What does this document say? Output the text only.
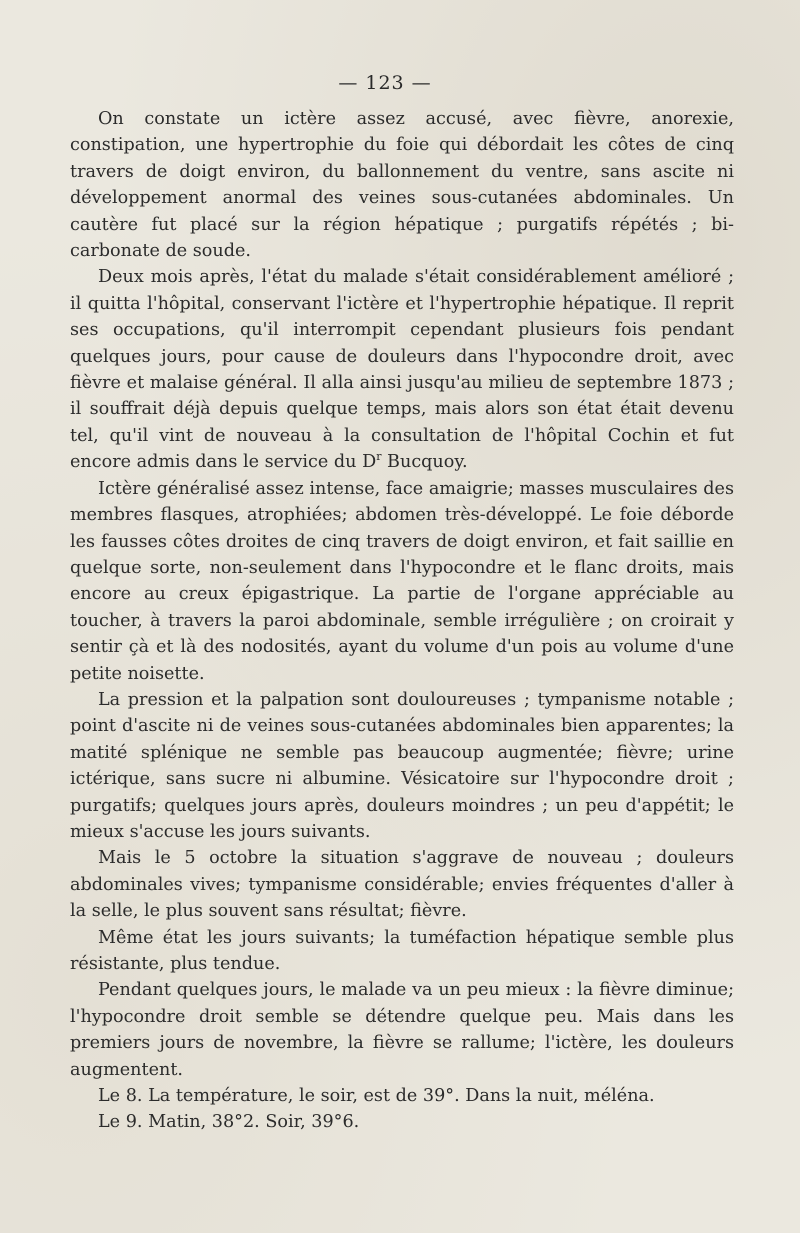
— 123 —

On constate un ictère assez accusé, avec fièvre, anorexie, constipation, une hypertrophie du foie qui débordait les côtes de cinq travers de doigt environ, du ballonnement du ventre, sans ascite ni développement anormal des veines sous-cutanées abdominales. Un cautère fut placé sur la région hépatique ; purgatifs répétés ; bi-carbonate de soude.

Deux mois après, l'état du malade s'était considérablement amélioré ; il quitta l'hôpital, conservant l'ictère et l'hypertrophie hépatique. Il reprit ses occupations, qu'il interrompit cependant plusieurs fois pendant quelques jours, pour cause de douleurs dans l'hypocondre droit, avec fièvre et malaise général. Il alla ainsi jusqu'au milieu de septembre 1873 ; il souffrait déjà depuis quelque temps, mais alors son état était devenu tel, qu'il vint de nouveau à la consultation de l'hôpital Cochin et fut encore admis dans le service du $D^r$ Bucquoy.

Ictère généralisé assez intense, face amaigrie; masses musculaires des membres flasques, atrophiées; abdomen très-développé. Le foie déborde les fausses côtes droites de cinq travers de doigt environ, et fait saillie en quelque sorte, non-seulement dans l'hypocondre et le flanc droits, mais encore au creux épigastrique. La partie de l'organe appréciable au toucher, à travers la paroi abdominale, semble irrégulière ; on croirait y sentir çà et là des nodosités, ayant du volume d'un pois au volume d'une petite noisette.

La pression et la palpation sont douloureuses ; tympanisme notable ; point d'ascite ni de veines sous-cutanées abdominales bien apparentes; la matité splénique ne semble pas beaucoup augmentée; fièvre; urine ictérique, sans sucre ni albumine. Vésicatoire sur l'hypocondre droit ; purgatifs; quelques jours après, douleurs moindres ; un peu d'appétit; le mieux s'accuse les jours suivants.

Mais le 5 octobre la situation s'aggrave de nouveau ; douleurs abdominales vives; tympanisme considérable; envies fréquentes d'aller à la selle, le plus souvent sans résultat; fièvre.

Même état les jours suivants; la tuméfaction hépatique semble plus résistante, plus tendue.

Pendant quelques jours, le malade va un peu mieux : la fièvre diminue; l'hypocondre droit semble se détendre quelque peu. Mais dans les premiers jours de novembre, la fièvre se rallume; l'ictère, les douleurs augmentent.

Le 8. La température, le soir, est de 39°. Dans la nuit, méléna.

Le 9. Matin, 38°2. Soir, 39°6.
